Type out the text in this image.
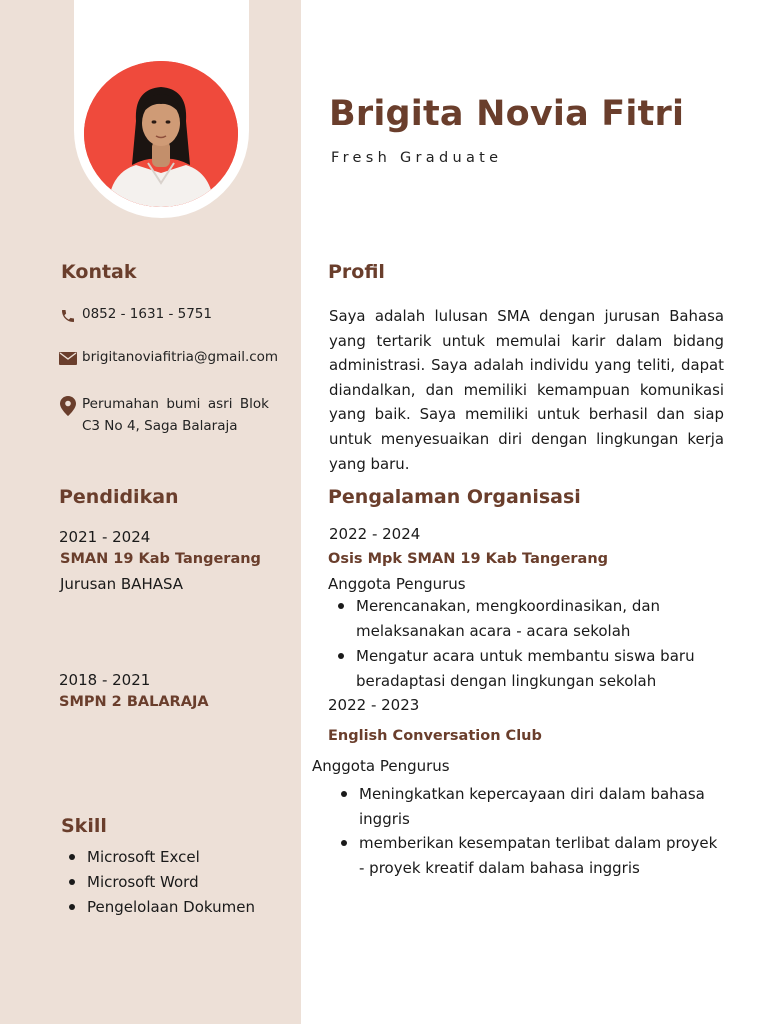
Brigita Novia Fitri
Fresh Graduate
Kontak
0852 - 1631 - 5751
brigitanoviafitria@gmail.com
Perumahan bumi asri Blok C3 No 4, Saga Balaraja
Pendidikan
2021 - 2024
SMAN 19 Kab Tangerang
Jurusan BAHASA
2018 - 2021
SMPN 2 BALARAJA
Skill
Microsoft Excel
Microsoft Word
Pengelolaan Dokumen
Profil
Saya adalah lulusan SMA dengan jurusan Bahasa yang tertarik untuk memulai karir dalam bidang administrasi. Saya adalah individu yang teliti, dapat diandalkan, dan memiliki kemampuan komunikasi yang baik. Saya memiliki untuk berhasil dan siap untuk menyesuaikan diri dengan lingkungan kerja yang baru.
Pengalaman Organisasi
2022 - 2024
Osis Mpk SMAN 19 Kab Tangerang
Anggota Pengurus
Merencanakan, mengkoordinasikan, dan melaksanakan acara - acara sekolah
Mengatur acara untuk membantu siswa baru beradaptasi dengan lingkungan sekolah
2022 - 2023
English Conversation Club
Anggota Pengurus
Meningkatkan kepercayaan diri dalam bahasa inggris
memberikan kesempatan terlibat dalam proyek - proyek kreatif dalam bahasa inggris
